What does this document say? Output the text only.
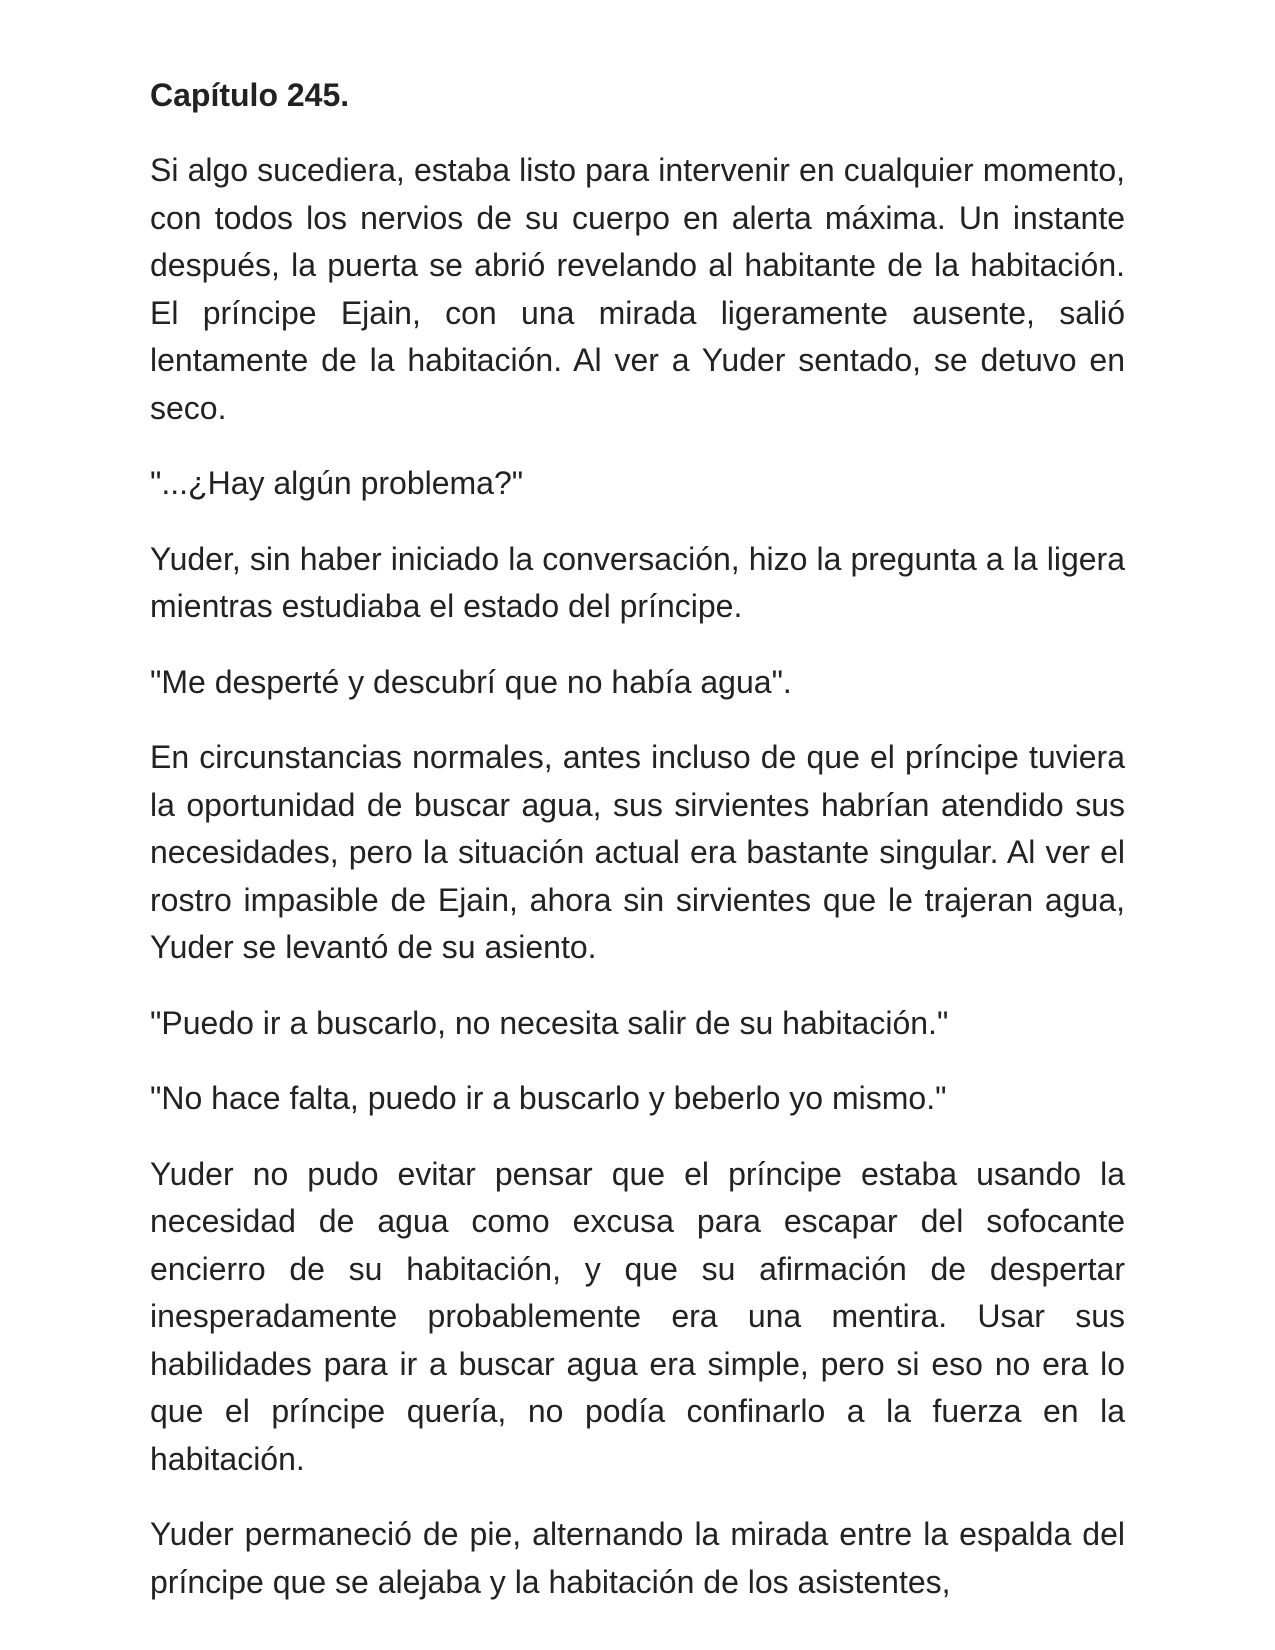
Capítulo 245.

Si algo sucediera, estaba listo para intervenir en cualquier momento, con todos los nervios de su cuerpo en alerta máxima. Un instante después, la puerta se abrió revelando al habitante de la habitación. El príncipe Ejain, con una mirada ligeramente ausente, salió lentamente de la habitación. Al ver a Yuder sentado, se detuvo en seco.

"...¿Hay algún problema?"

Yuder, sin haber iniciado la conversación, hizo la pregunta a la ligera mientras estudiaba el estado del príncipe.

"Me desperté y descubrí que no había agua".

En circunstancias normales, antes incluso de que el príncipe tuviera la oportunidad de buscar agua, sus sirvientes habrían atendido sus necesidades, pero la situación actual era bastante singular. Al ver el rostro impasible de Ejain, ahora sin sirvientes que le trajeran agua, Yuder se levantó de su asiento.

"Puedo ir a buscarlo, no necesita salir de su habitación."

"No hace falta, puedo ir a buscarlo y beberlo yo mismo."

Yuder no pudo evitar pensar que el príncipe estaba usando la necesidad de agua como excusa para escapar del sofocante encierro de su habitación, y que su afirmación de despertar inesperadamente probablemente era una mentira. Usar sus habilidades para ir a buscar agua era simple, pero si eso no era lo que el príncipe quería, no podía confinarlo a la fuerza en la habitación.

Yuder permaneció de pie, alternando la mirada entre la espalda del príncipe que se alejaba y la habitación de los asistentes,
